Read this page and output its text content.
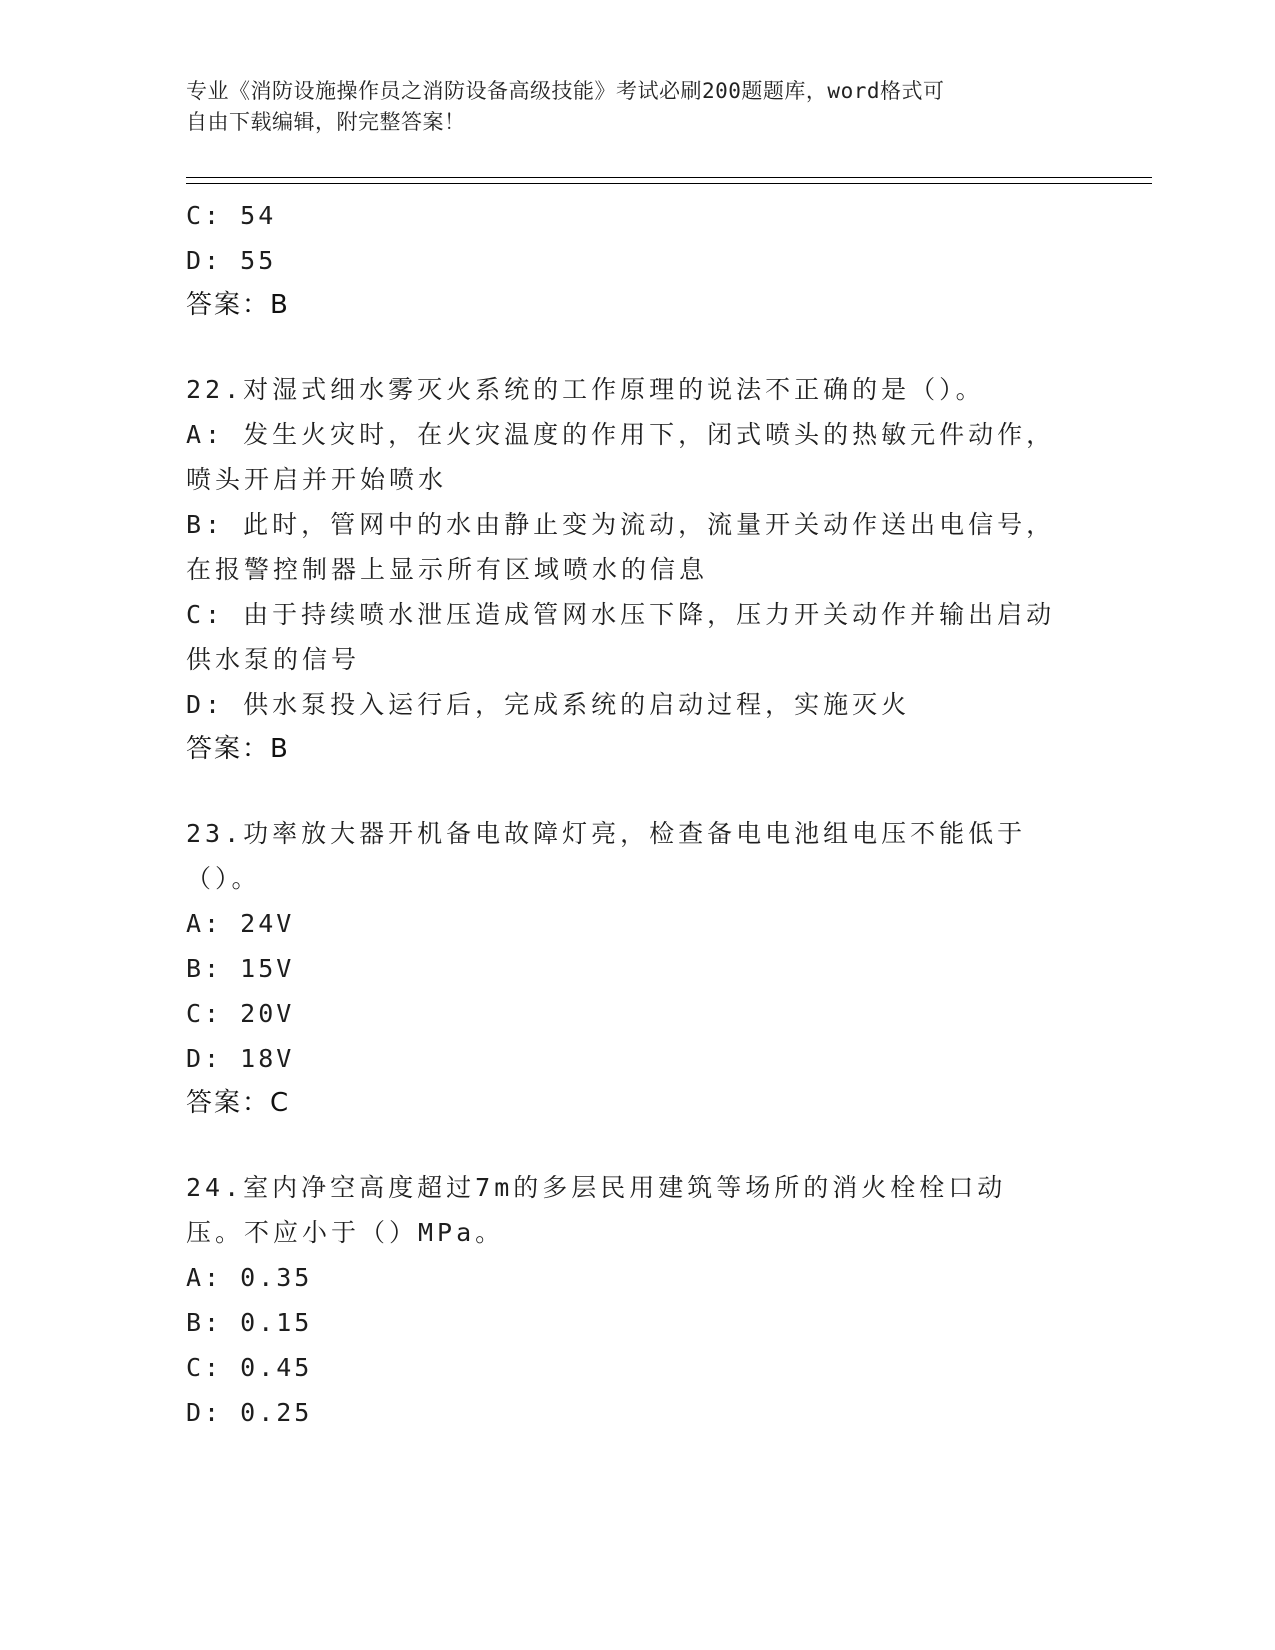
专业《消防设施操作员之消防设备高级技能》考试必刷200题题库，word格式可
自由下载编辑，附完整答案！
C: 54
D: 55
答案：B
22.对湿式细水雾灭火系统的工作原理的说法不正确的是（）。
A: 发生火灾时，在火灾温度的作用下，闭式喷头的热敏元件动作，喷头开启并开始喷水
B: 此时，管网中的水由静止变为流动，流量开关动作送出电信号，在报警控制器上显示所有区域喷水的信息
C: 由于持续喷水泄压造成管网水压下降，压力开关动作并输出启动供水泵的信号
D: 供水泵投入运行后，完成系统的启动过程，实施灭火
答案：B
23.功率放大器开机备电故障灯亮，检查备电电池组电压不能低于（）。
A: 24V
B: 15V
C: 20V
D: 18V
答案：C
24.室内净空高度超过7m的多层民用建筑等场所的消火栓栓口动压。不应小于（）MPa。
A: 0.35
B: 0.15
C: 0.45
D: 0.25
